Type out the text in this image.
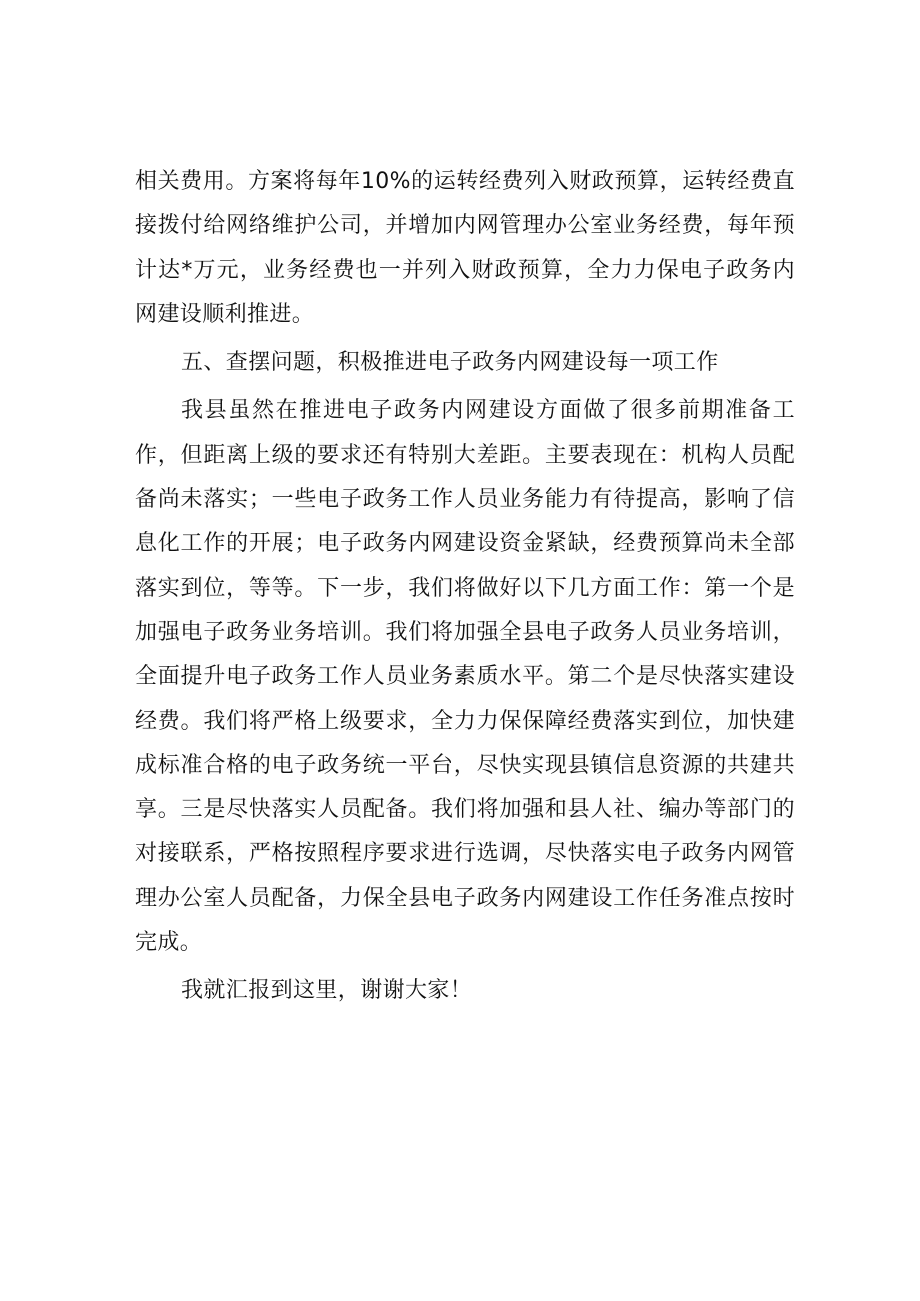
相关费用。方案将每年10%的运转经费列入财政预算，运转经费直接拨付给网络维护公司，并增加内网管理办公室业务经费，每年预计达*万元，业务经费也一并列入财政预算，全力力保电子政务内网建设顺利推进。

五、查摆问题，积极推进电子政务内网建设每一项工作

我县虽然在推进电子政务内网建设方面做了很多前期准备工作，但距离上级的要求还有特别大差距。主要表现在：机构人员配备尚未落实；一些电子政务工作人员业务能力有待提高，影响了信息化工作的开展；电子政务内网建设资金紧缺，经费预算尚未全部落实到位，等等。下一步，我们将做好以下几方面工作：第一个是加强电子政务业务培训。我们将加强全县电子政务人员业务培训，全面提升电子政务工作人员业务素质水平。第二个是尽快落实建设经费。我们将严格上级要求，全力力保保障经费落实到位，加快建成标准合格的电子政务统一平台，尽快实现县镇信息资源的共建共享。三是尽快落实人员配备。我们将加强和县人社、编办等部门的对接联系，严格按照程序要求进行选调，尽快落实电子政务内网管理办公室人员配备，力保全县电子政务内网建设工作任务准点按时完成。

我就汇报到这里，谢谢大家！
